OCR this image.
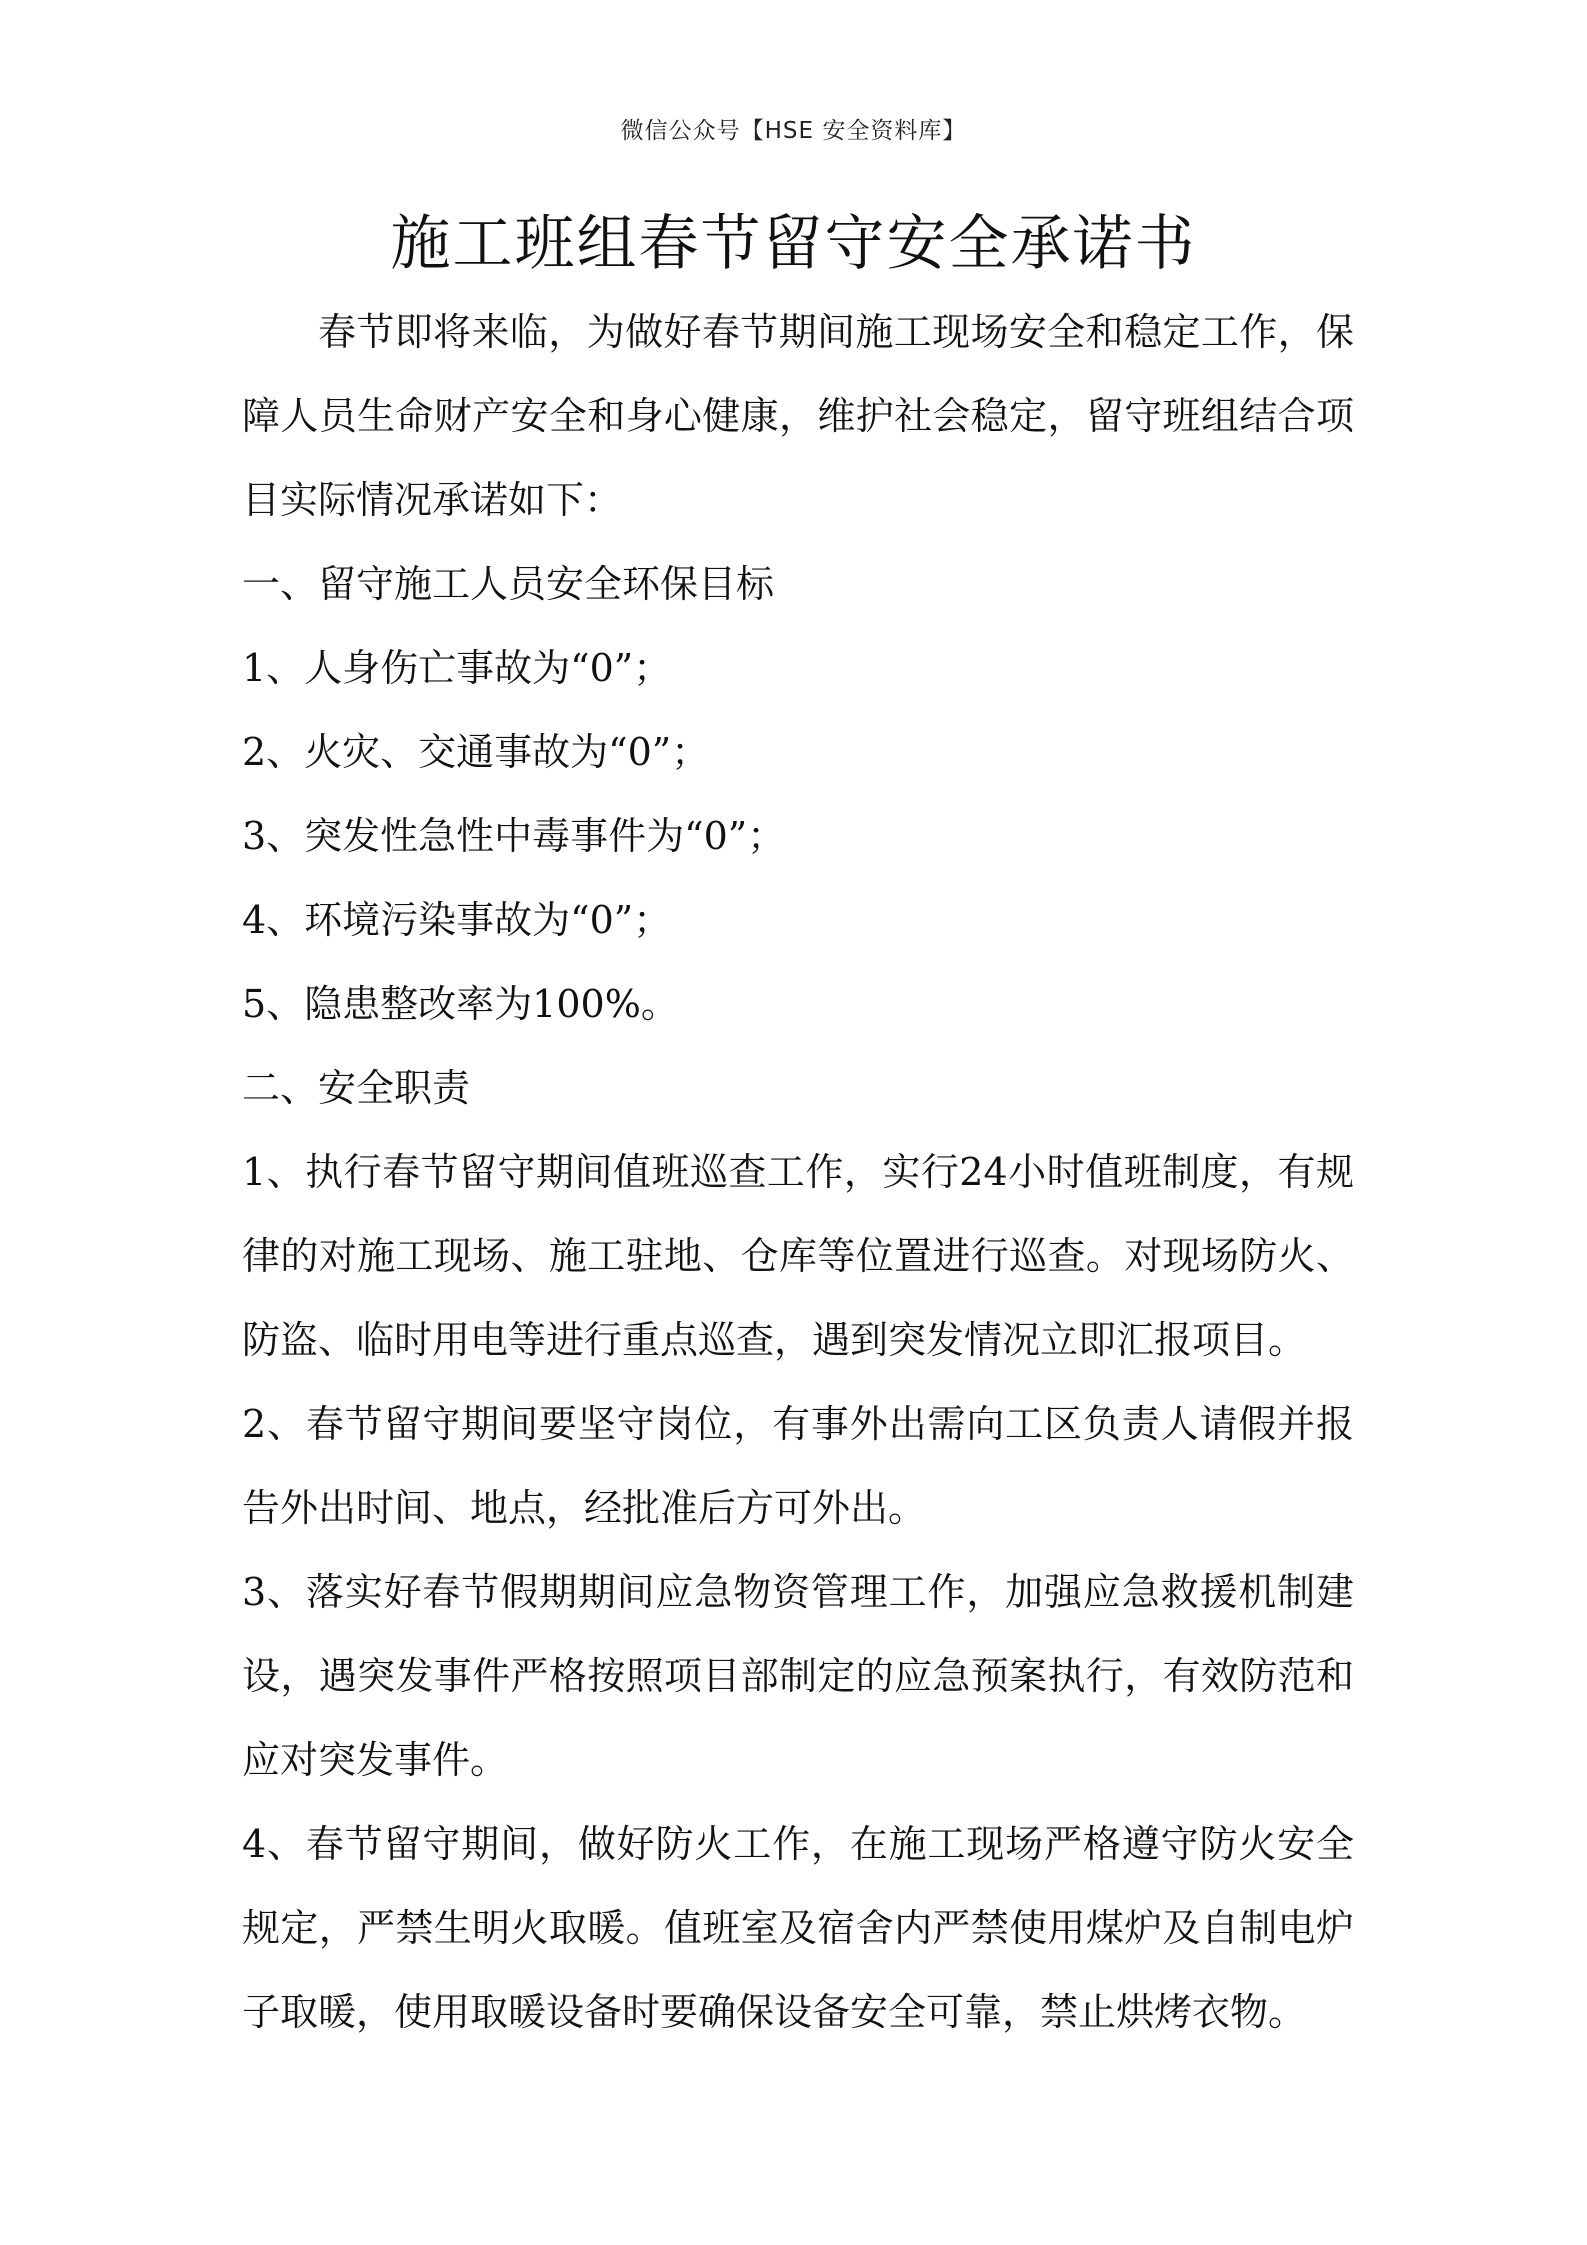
微信公众号【HSE 安全资料库】
施工班组春节留守安全承诺书

春节即将来临，为做好春节期间施工现场安全和稳定工作，保障人员生命财产安全和身心健康，维护社会稳定，留守班组结合项目实际情况承诺如下：

一、留守施工人员安全环保目标

1、人身伤亡事故为“0”；

2、火灾、交通事故为“0”；

3、突发性急性中毒事件为“0”；

4、环境污染事故为“0”；

5、隐患整改率为100%。

二、安全职责

1、执行春节留守期间值班巡查工作，实行24小时值班制度，有规律的对施工现场、施工驻地、仓库等位置进行巡查。对现场防火、防盗、临时用电等进行重点巡查，遇到突发情况立即汇报项目。

2、春节留守期间要坚守岗位，有事外出需向工区负责人请假并报告外出时间、地点，经批准后方可外出。

3、落实好春节假期期间应急物资管理工作，加强应急救援机制建设，遇突发事件严格按照项目部制定的应急预案执行，有效防范和应对突发事件。

4、春节留守期间，做好防火工作，在施工现场严格遵守防火安全规定，严禁生明火取暖。值班室及宿舍内严禁使用煤炉及自制电炉子取暖，使用取暖设备时要确保设备安全可靠，禁止烘烤衣物。
